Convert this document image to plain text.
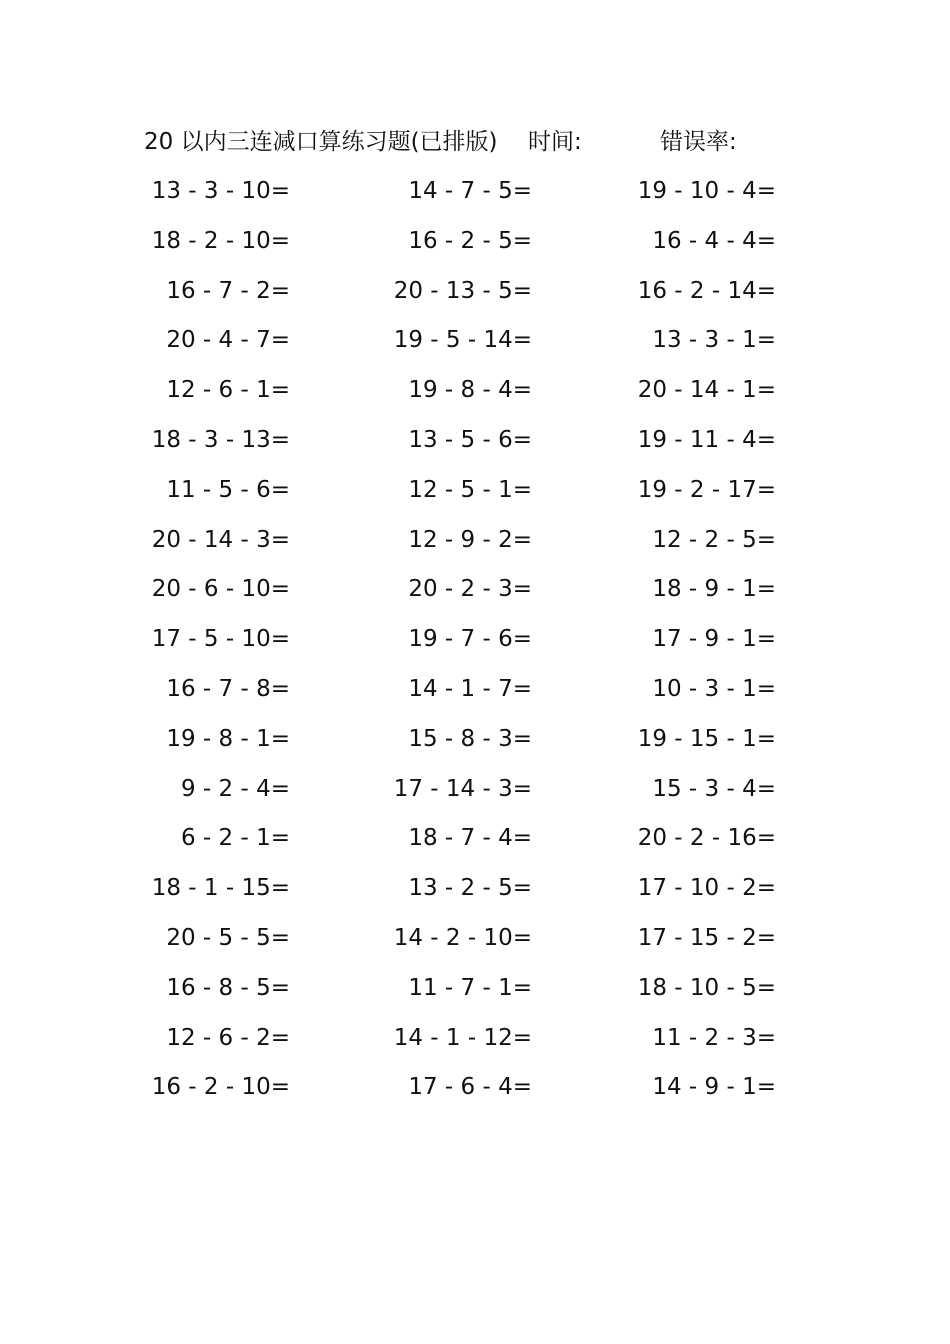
20 以内三连减口算练习题(已排版) 时间:	错误率:
13 - 3 - 10=	14 - 7 - 5=	19 - 10 - 4=
18 - 2 - 10=	16 - 2 - 5=	16 - 4 - 4=
16 - 7 - 2=	20 - 13 - 5=	16 - 2 - 14=
20 - 4 - 7=	19 - 5 - 14=	13 - 3 - 1=
12 - 6 - 1=	19 - 8 - 4=	20 - 14 - 1=
18 - 3 - 13=	13 - 5 - 6=	19 - 11 - 4=
11 - 5 - 6=	12 - 5 - 1=	19 - 2 - 17=
20 - 14 - 3=	12 - 9 - 2=	12 - 2 - 5=
20 - 6 - 10=	20 - 2 - 3=	18 - 9 - 1=
17 - 5 - 10=	19 - 7 - 6=	17 - 9 - 1=
16 - 7 - 8=	14 - 1 - 7=	10 - 3 - 1=
19 - 8 - 1=	15 - 8 - 3=	19 - 15 - 1=
9 - 2 - 4=	17 - 14 - 3=	15 - 3 - 4=
6 - 2 - 1=	18 - 7 - 4=	20 - 2 - 16=
18 - 1 - 15=	13 - 2 - 5=	17 - 10 - 2=
20 - 5 - 5=	14 - 2 - 10=	17 - 15 - 2=
16 - 8 - 5=	11 - 7 - 1=	18 - 10 - 5=
12 - 6 - 2=	14 - 1 - 12=	11 - 2 - 3=
16 - 2 - 10=	17 - 6 - 4=	14 - 9 - 1=
